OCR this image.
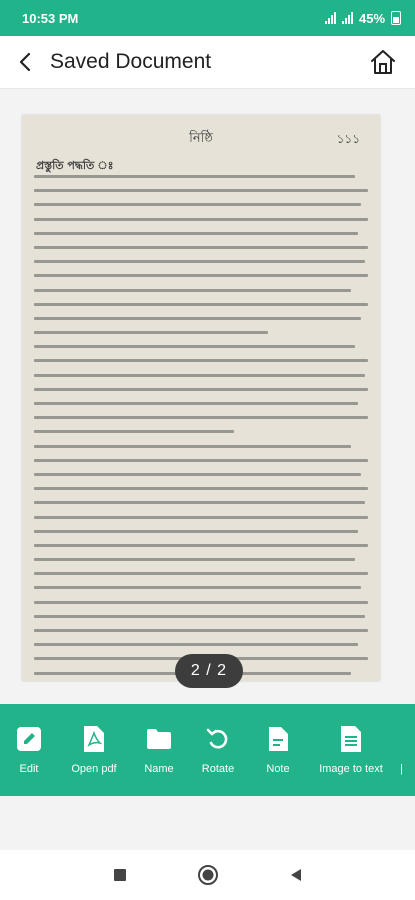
10:53 PM	45%
Saved Document
নিষ্ঠি	১১১
প্রস্তুতি পদ্ধতি ঃ
2 / 2
Edit	Open pdf	Name	Rotate	Note	Image to text |
